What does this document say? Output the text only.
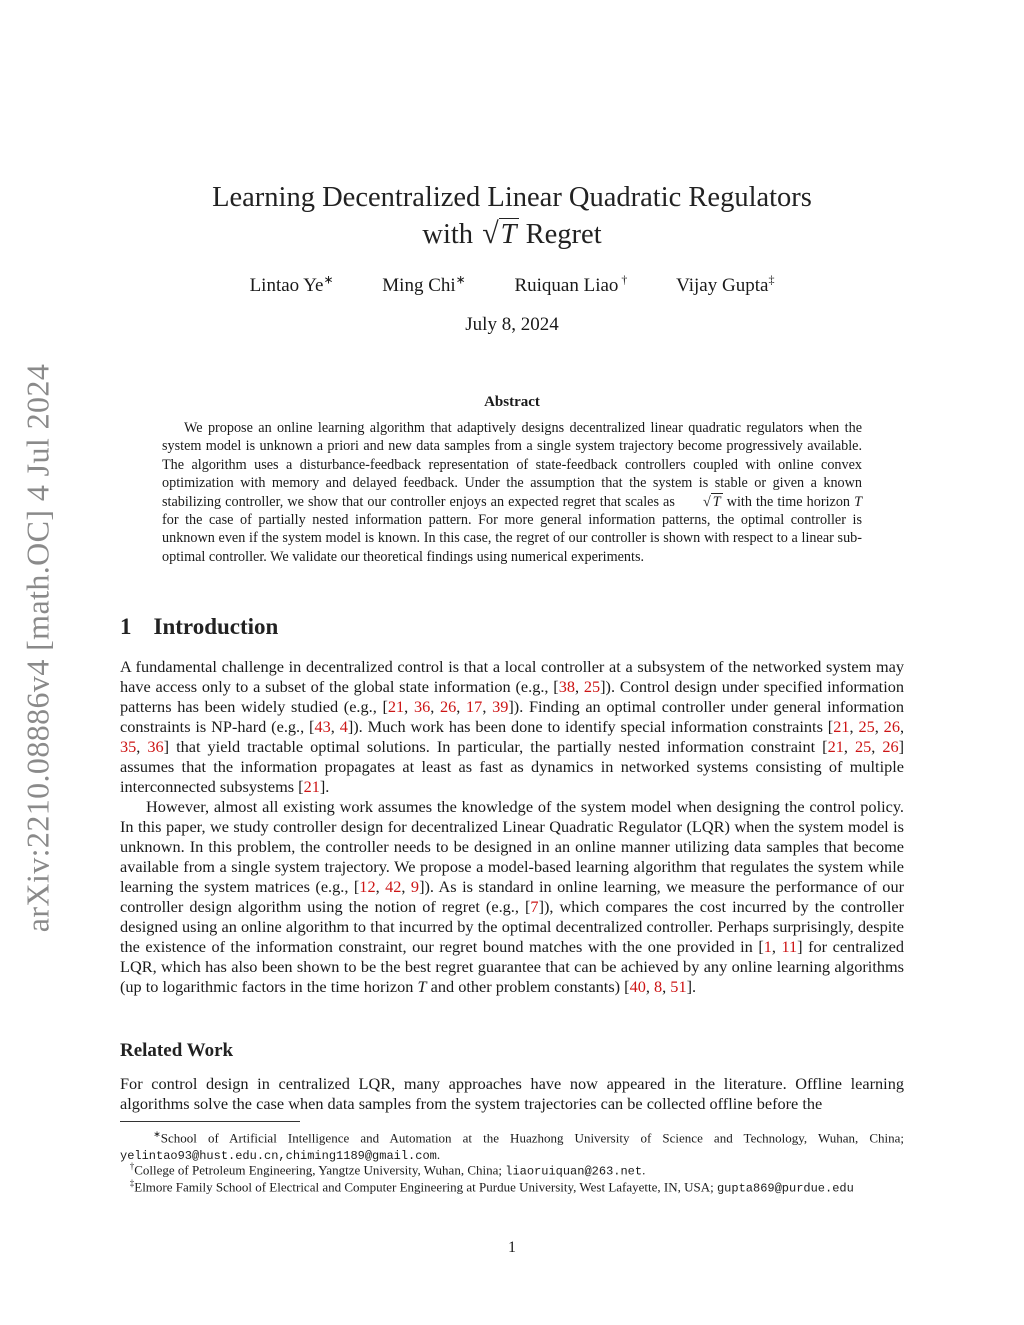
arXiv:2210.08886v4 [math.OC] 4 Jul 2024
Learning Decentralized Linear Quadratic Regulators
with √T Regret
Lintao Ye∗	Ming Chi∗	Ruiquan Liao †	Vijay Gupta‡
July 8, 2024
Abstract

We propose an online learning algorithm that adaptively designs decentralized linear quadratic regulators when the system model is unknown a priori and new data samples from a single system trajectory become progressively available. The algorithm uses a disturbance-feedback representation of state-feedback controllers coupled with online convex optimization with memory and delayed feedback. Under the assumption that the system is stable or given a known stabilizing controller, we show that our controller enjoys an expected regret that scales as √ T with the time horizon T for the case of partially nested information pattern. For more general information patterns, the optimal controller is unknown even if the system model is known. In this case, the regret of our controller is shown with respect to a linear sub-optimal controller. We validate our theoretical findings using numerical experiments.

1 Introduction

A fundamental challenge in decentralized control is that a local controller at a subsystem of the networked system may have access only to a subset of the global state information (e.g., [38, 25]). Control design under specified information patterns has been widely studied (e.g., [21, 36, 26, 17, 39]). Finding an optimal controller under general information constraints is NP-hard (e.g., [43, 4]). Much work has been done to identify special information constraints [21, 25, 26, 35, 36] that yield tractable optimal solutions. In particular, the partially nested information constraint [21, 25, 26] assumes that the information propagates at least as fast as dynamics in networked systems consisting of multiple interconnected subsystems [21].

However, almost all existing work assumes the knowledge of the system model when designing the control policy. In this paper, we study controller design for decentralized Linear Quadratic Regulator (LQR) when the system model is unknown. In this problem, the controller needs to be designed in an online manner utilizing data samples that become available from a single system trajectory. We propose a model-based learning algorithm that regulates the system while learning the system matrices (e.g., [12, 42, 9]). As is standard in online learning, we measure the performance of our controller design algorithm using the notion of regret (e.g., [7]), which compares the cost incurred by the controller designed using an online algorithm to that incurred by the optimal decentralized controller. Perhaps surprisingly, despite the existence of the information constraint, our regret bound matches with the one provided in [1, 11] for centralized LQR, which has also been shown to be the best regret guarantee that can be achieved by any online learning algorithms (up to logarithmic factors in the time horizon T and other problem constants) [40, 8, 51].

Related Work

For control design in centralized LQR, many approaches have now appeared in the literature. Offline learning algorithms solve the case when data samples from the system trajectories can be collected offline before the

∗School of Artificial Intelligence and Automation at the Huazhong University of Science and Technology, Wuhan, China; yelintao93@hust.edu.cn,chiming1189@gmail.com.

†College of Petroleum Engineering, Yangtze University, Wuhan, China; liaoruiquan@263.net.

‡Elmore Family School of Electrical and Computer Engineering at Purdue University, West Lafayette, IN, USA; gupta869@purdue.edu

1
